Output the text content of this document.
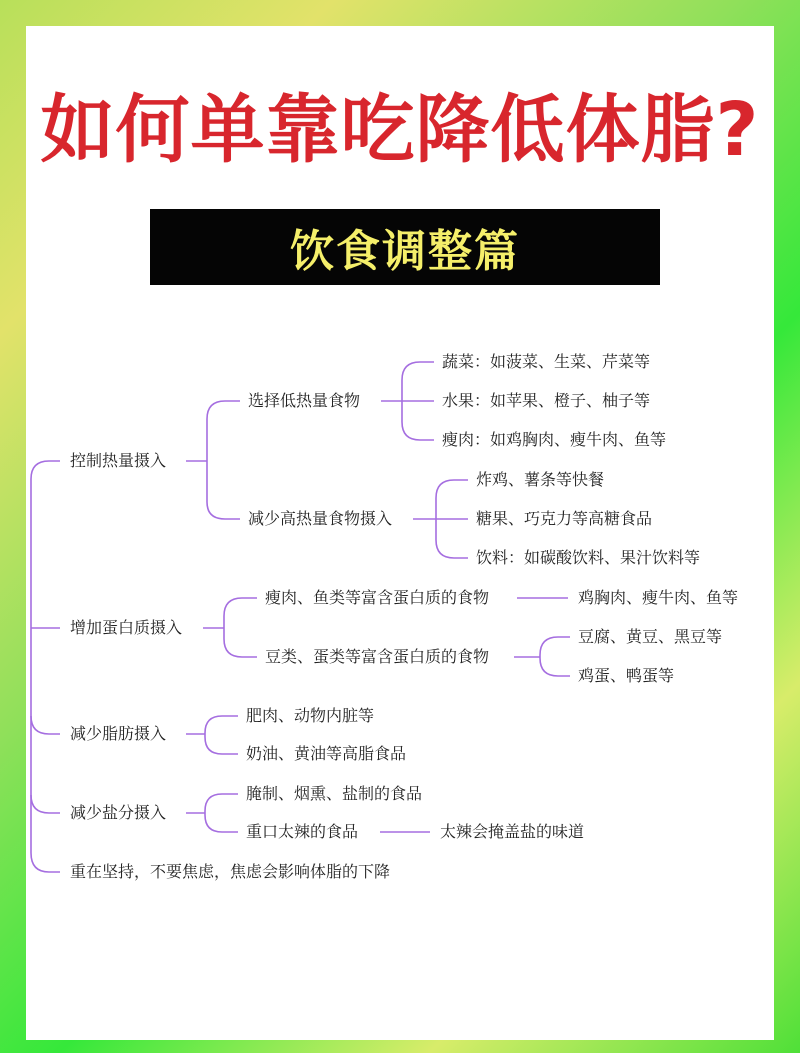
如何单靠吃降低体脂?
饮食调整篇
控制热量摄入
增加蛋白质摄入
减少脂肪摄入
减少盐分摄入
重在坚持，不要焦虑，焦虑会影响体脂的下降
选择低热量食物
减少高热量食物摄入
瘦肉、鱼类等富含蛋白质的食物
豆类、蛋类等富含蛋白质的食物
肥肉、动物内脏等
奶油、黄油等高脂食品
腌制、烟熏、盐制的食品
重口太辣的食品
蔬菜：如菠菜、生菜、芹菜等
水果：如苹果、橙子、柚子等
瘦肉：如鸡胸肉、瘦牛肉、鱼等
炸鸡、薯条等快餐
糖果、巧克力等高糖食品
饮料：如碳酸饮料、果汁饮料等
鸡胸肉、瘦牛肉、鱼等
豆腐、黄豆、黑豆等
鸡蛋、鸭蛋等
太辣会掩盖盐的味道
